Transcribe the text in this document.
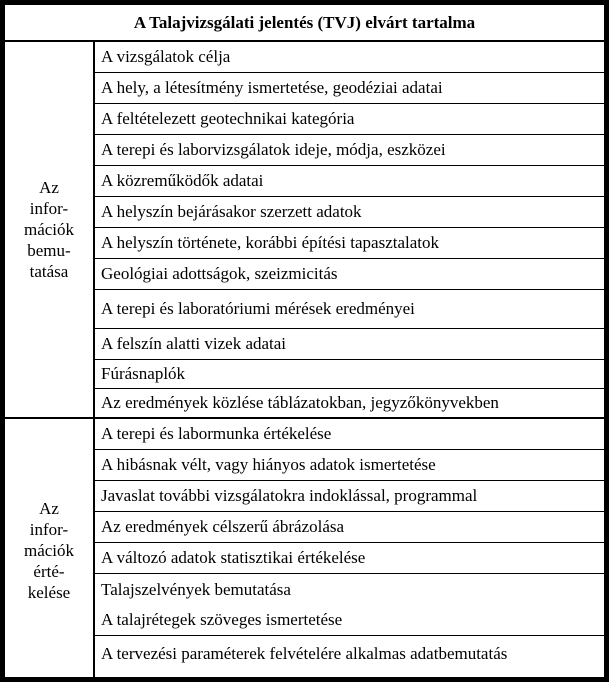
A Talajvizsgálati jelentés (TVJ) elvárt tartalma
Az
infor-
mációk
bemu-
tatása
A vizsgálatok célja
A hely, a létesítmény ismertetése, geodéziai adatai
A feltételezett geotechnikai kategória
A terepi és laborvizsgálatok ideje, módja, eszközei
A közreműködők adatai
A helyszín bejárásakor szerzett adatok
A helyszín története, korábbi építési tapasztalatok
Geológiai adottságok, szeizmicitás
A terepi és laboratóriumi mérések eredményei
A felszín alatti vizek adatai
Fúrásnaplók
Az eredmények közlése táblázatokban, jegyzőkönyvekben
Az
infor-
mációk
érté-
kelése
A terepi és labormunka értékelése
A hibásnak vélt, vagy hiányos adatok ismertetése
Javaslat további vizsgálatokra indoklással, programmal
Az eredmények célszerű ábrázolása
A változó adatok statisztikai értékelése
Talajszelvények bemutatása
A talajrétegek szöveges ismertetése
A tervezési paraméterek felvételére alkalmas adatbemutatás
